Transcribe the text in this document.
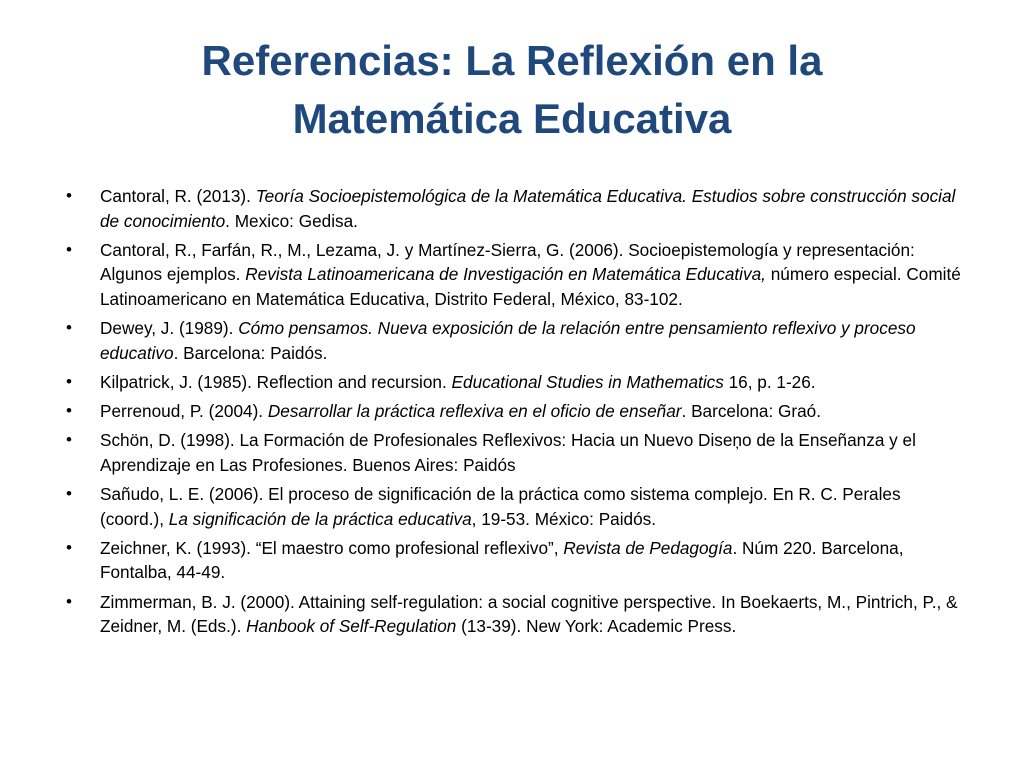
Referencias: La Reflexión en la
Matemática Educativa
• Cantoral, R. (2013). Teoría Socioepistemológica de la Matemática Educativa. Estudios sobre construcción social de conocimiento. Mexico: Gedisa.
• Cantoral, R., Farfán, R., M., Lezama, J. y Martínez-Sierra, G. (2006). Socioepistemología y representación: Algunos ejemplos. Revista Latinoamericana de Investigación en Matemática Educativa, número especial. Comité Latinoamericano en Matemática Educativa, Distrito Federal, México, 83-102.
• Dewey, J. (1989). Cómo pensamos. Nueva exposición de la relación entre pensamiento reflexivo y proceso educativo. Barcelona: Paidós.
• Kilpatrick, J. (1985). Reflection and recursion. Educational Studies in Mathematics 16, p. 1-26.
• Perrenoud, P. (2004). Desarrollar la práctica reflexiva en el oficio de enseñar. Barcelona: Graó.
• Schön, D. (1998). La Formación de Profesionales Reflexivos: Hacia un Nuevo Diseņo de la Enseñanza y el Aprendizaje en Las Profesiones. Buenos Aires: Paidós
• Sañudo, L. E. (2006). El proceso de significación de la práctica como sistema complejo. En R. C. Perales (coord.), La significación de la práctica educativa, 19-53. México: Paidós.
• Zeichner, K. (1993). “El maestro como profesional reflexivo”, Revista de Pedagogía. Núm 220. Barcelona, Fontalba, 44-49.
• Zimmerman, B. J. (2000). Attaining self-regulation: a social cognitive perspective. In Boekaerts, M., Pintrich, P., & Zeidner, M. (Eds.). Hanbook of Self-Regulation (13-39). New York: Academic Press.
